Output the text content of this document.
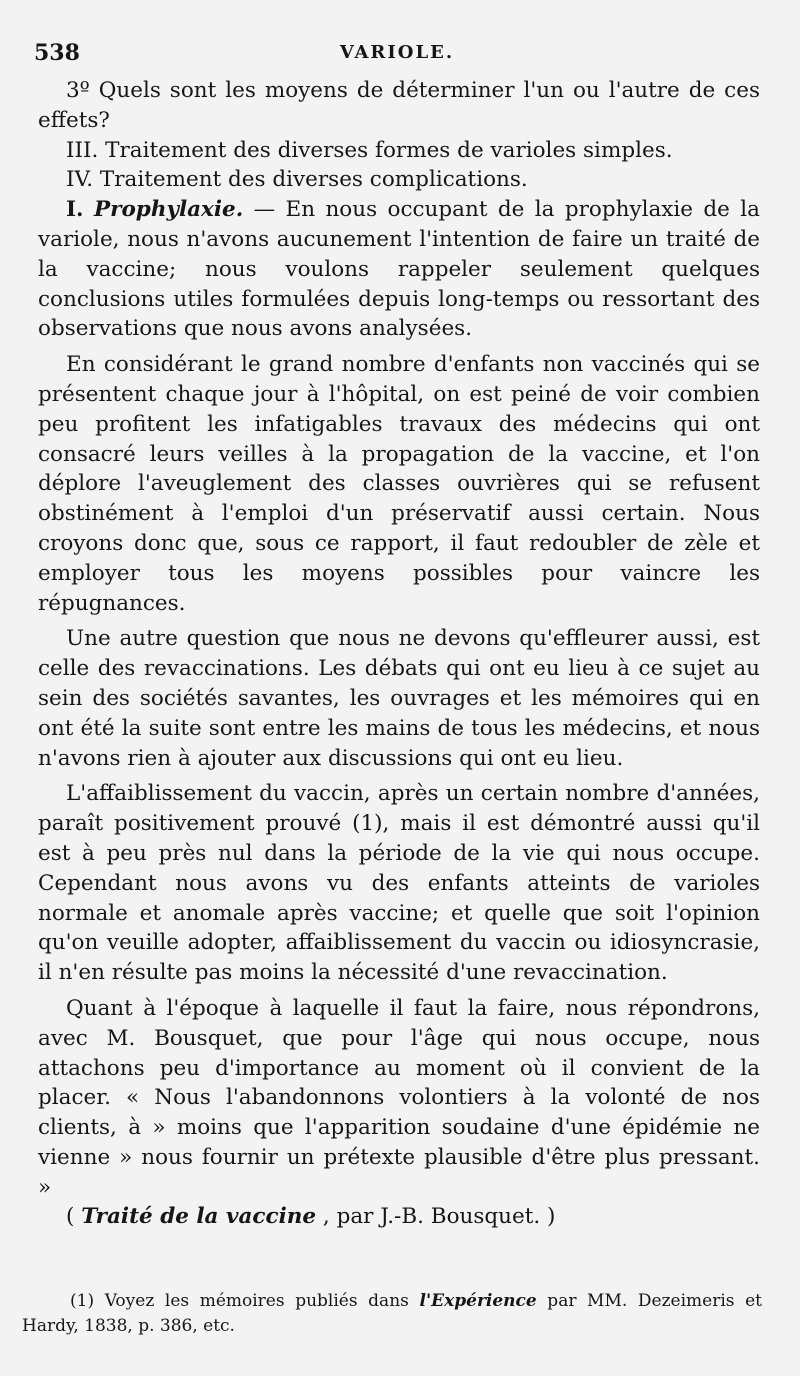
538	VARIOLE.

3º Quels sont les moyens de déterminer l'un ou l'autre de ces effets?

III. Traitement des diverses formes de varioles simples.

IV. Traitement des diverses complications.

I. Prophylaxie. — En nous occupant de la prophylaxie de la variole, nous n'avons aucunement l'intention de faire un traité de la vaccine; nous voulons rappeler seulement quelques conclusions utiles formulées depuis long-temps ou ressortant des observations que nous avons analysées.

En considérant le grand nombre d'enfants non vaccinés qui se présentent chaque jour à l'hôpital, on est peiné de voir combien peu profitent les infatigables travaux des médecins qui ont consacré leurs veilles à la propagation de la vaccine, et l'on déplore l'aveuglement des classes ouvrières qui se refusent obstinément à l'emploi d'un préservatif aussi certain. Nous croyons donc que, sous ce rapport, il faut redoubler de zèle et employer tous les moyens possibles pour vaincre les répugnances.

Une autre question que nous ne devons qu'effleurer aussi, est celle des revaccinations. Les débats qui ont eu lieu à ce sujet au sein des sociétés savantes, les ouvrages et les mémoires qui en ont été la suite sont entre les mains de tous les médecins, et nous n'avons rien à ajouter aux discussions qui ont eu lieu.

L'affaiblissement du vaccin, après un certain nombre d'années, paraît positivement prouvé (1), mais il est démontré aussi qu'il est à peu près nul dans la période de la vie qui nous occupe. Cependant nous avons vu des enfants atteints de varioles normale et anomale après vaccine; et quelle que soit l'opinion qu'on veuille adopter, affaiblissement du vaccin ou idiosyncrasie, il n'en résulte pas moins la nécessité d'une revaccination.

Quant à l'époque à laquelle il faut la faire, nous répondrons, avec M. Bousquet, que pour l'âge qui nous occupe, nous attachons peu d'importance au moment où il convient de la placer. « Nous l'abandonnons volontiers à la volonté de nos clients, à » moins que l'apparition soudaine d'une épidémie ne vienne » nous fournir un prétexte plausible d'être plus pressant. »

( Traité de la vaccine , par J.-B. Bousquet. )

(1) Voyez les mémoires publiés dans l'Expérience par MM. Dezeimeris et Hardy, 1838, p. 386, etc.
